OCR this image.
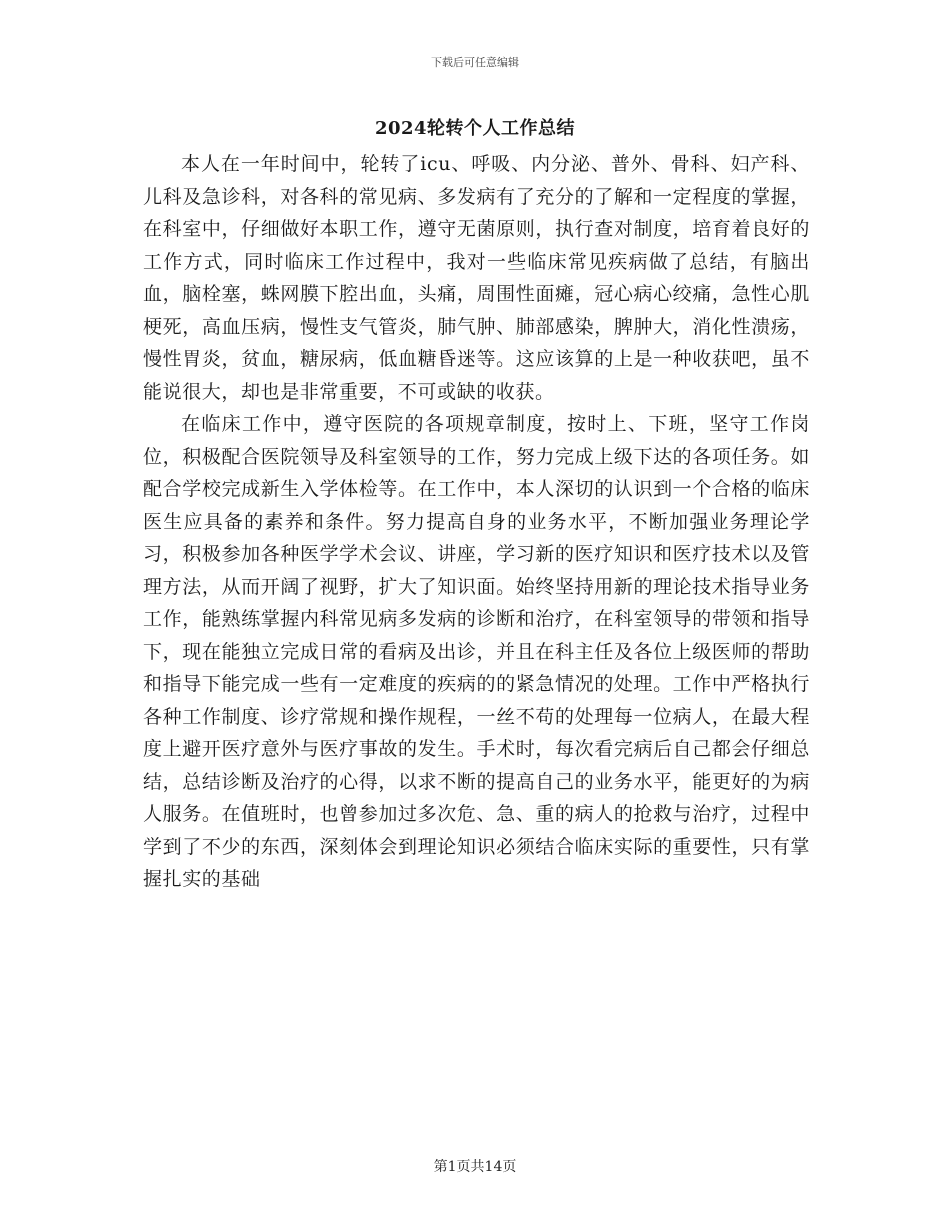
下载后可任意编辑
2024轮转个人工作总结

本人在一年时间中，轮转了icu、呼吸、内分泌、普外、骨科、妇产科、儿科及急诊科，对各科的常见病、多发病有了充分的了解和一定程度的掌握，在科室中，仔细做好本职工作，遵守无菌原则，执行查对制度，培育着良好的工作方式，同时临床工作过程中，我对一些临床常见疾病做了总结，有脑出血，脑栓塞，蛛网膜下腔出血，头痛，周围性面瘫，冠心病心绞痛，急性心肌梗死，高血压病，慢性支气管炎，肺气肿、肺部感染，脾肿大，消化性溃疡，慢性胃炎，贫血，糖尿病，低血糖昏迷等。这应该算的上是一种收获吧，虽不能说很大，却也是非常重要，不可或缺的收获。

在临床工作中，遵守医院的各项规章制度，按时上、下班，坚守工作岗位，积极配合医院领导及科室领导的工作，努力完成上级下达的各项任务。如配合学校完成新生入学体检等。在工作中，本人深切的认识到一个合格的临床医生应具备的素养和条件。努力提高自身的业务水平，不断加强业务理论学习，积极参加各种医学学术会议、讲座，学习新的医疗知识和医疗技术以及管理方法，从而开阔了视野，扩大了知识面。始终坚持用新的理论技术指导业务工作，能熟练掌握内科常见病多发病的诊断和治疗，在科室领导的带领和指导下，现在能独立完成日常的看病及出诊，并且在科主任及各位上级医师的帮助和指导下能完成一些有一定难度的疾病的的紧急情况的处理。工作中严格执行各种工作制度、诊疗常规和操作规程，一丝不苟的处理每一位病人，在最大程度上避开医疗意外与医疗事故的发生。手术时，每次看完病后自己都会仔细总结，总结诊断及治疗的心得，以求不断的提高自己的业务水平，能更好的为病人服务。在值班时，也曾参加过多次危、急、重的病人的抢救与治疗，过程中学到了不少的东西，深刻体会到理论知识必须结合临床实际的重要性，只有掌握扎实的基础

第1页共14页
